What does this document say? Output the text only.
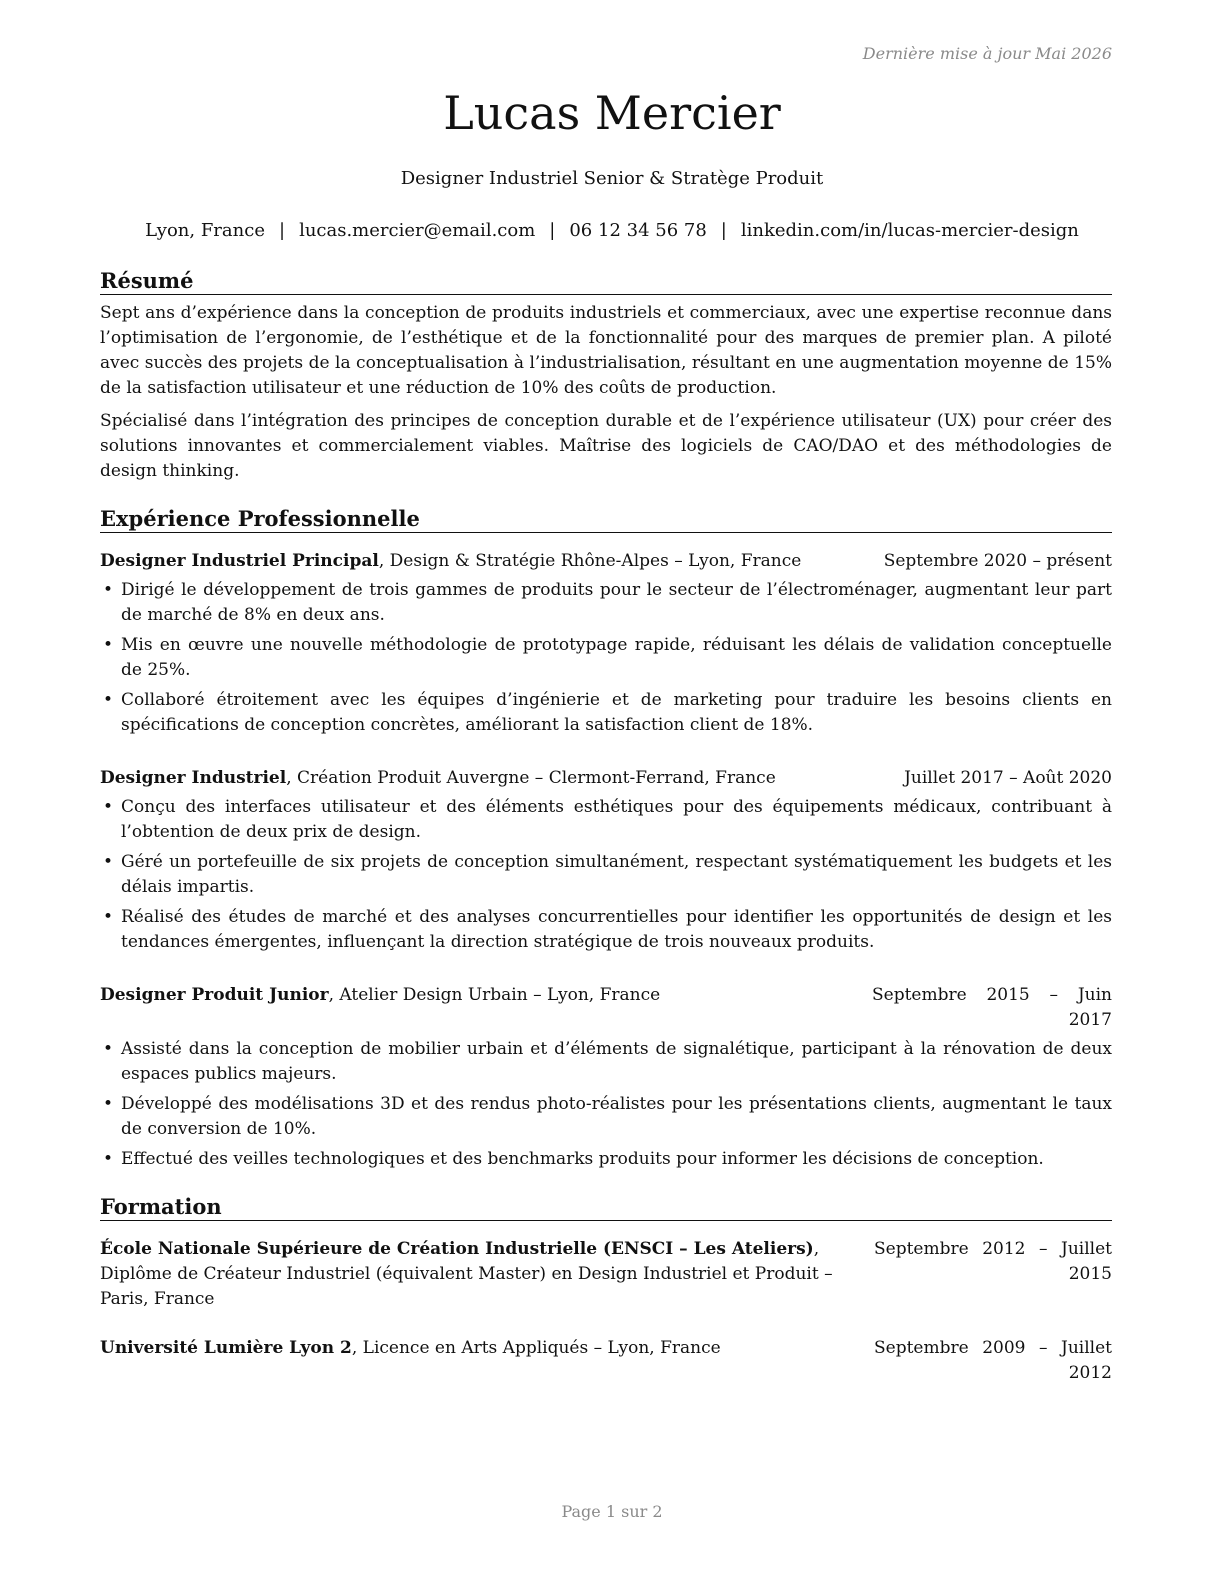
Dernière mise à jour Mai 2026
Lucas Mercier
Designer Industriel Senior & Stratège Produit
Lyon, France | lucas.mercier@email.com | 06 12 34 56 78 | linkedin.com/in/lucas-mercier-design
Résumé

Sept ans d’expérience dans la conception de produits industriels et commerciaux, avec une expertise reconnue dans l’optimisation de l’ergonomie, de l’esthétique et de la fonctionnalité pour des marques de premier plan. A piloté avec succès des projets de la conceptualisation à l’industrialisation, résultant en une augmentation moyenne de 15% de la satisfaction utilisateur et une réduction de 10% des coûts de production.

Spécialisé dans l’intégration des principes de conception durable et de l’expérience utilisateur (UX) pour créer des solutions innovantes et commercialement viables. Maîtrise des logiciels de CAO/DAO et des méthodologies de design thinking.

Expérience Professionnelle
Designer Industriel Principal, Design & Stratégie Rhône-Alpes – Lyon, France	Septembre 2020 – présent
• Dirigé le développement de trois gammes de produits pour le secteur de l’électroménager, augmentant leur part de marché de 8% en deux ans.
• Mis en œuvre une nouvelle méthodologie de prototypage rapide, réduisant les délais de validation conceptuelle de 25%.
• Collaboré étroitement avec les équipes d’ingénierie et de marketing pour traduire les besoins clients en spécifications de conception concrètes, améliorant la satisfaction client de 18%.
Designer Industriel, Création Produit Auvergne – Clermont-Ferrand, France	Juillet 2017 – Août 2020
• Conçu des interfaces utilisateur et des éléments esthétiques pour des équipements médicaux, contribuant à l’obtention de deux prix de design.
• Géré un portefeuille de six projets de conception simultanément, respectant systématiquement les budgets et les délais impartis.
• Réalisé des études de marché et des analyses concurrentielles pour identifier les opportunités de design et les tendances émergentes, influençant la direction stratégique de trois nouveaux produits.
Designer Produit Junior, Atelier Design Urbain – Lyon, France	Septembre 2015 – Juin 2017
• Assisté dans la conception de mobilier urbain et d’éléments de signalétique, participant à la rénovation de deux espaces publics majeurs.
• Développé des modélisations 3D et des rendus photo-réalistes pour les présentations clients, augmentant le taux de conversion de 10%.
• Effectué des veilles technologiques et des benchmarks produits pour informer les décisions de conception.
Formation
École Nationale Supérieure de Création Industrielle (ENSCI – Les Ateliers), Diplôme de Créateur Industriel (équivalent Master) en Design Industriel et Produit – Paris, France
Septembre 2012 – Juillet 2015
Université Lumière Lyon 2, Licence en Arts Appliqués – Lyon, France	Septembre 2009 – Juillet 2012
Page 1 sur 2
